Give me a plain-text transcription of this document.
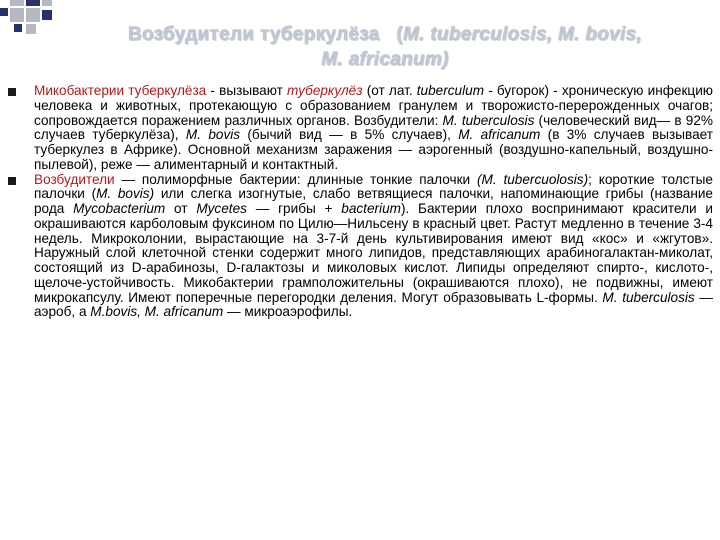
Возбудители туберкулёза (M. tuberculosis, M. bovis,
M. africanum)
Микобактерии туберкулёза - вызывают туберкулёз (от лат. tuberculum - бугорок) - хроническую инфекцию человека и животных, протекающую с образованием гранулем и творожисто-перерожденных очагов; сопровождается поражением различных органов. Возбудители: M. tuberculosis (человеческий вид— в 92% случаев туберкулёза), M. bovis (бычий вид — в 5% случаев), M. africanum (в 3% случаев вызывает туберкулез в Африке). Основной механизм заражения — аэрогенный (воздушно-капельный, воздушно-пылевой), реже — алиментарный и контактный.
Возбудители — полиморфные бактерии: длинные тонкие палочки (M. tubercuolosis); короткие толстые палочки (M. bovis) или слегка изогнутые, слабо ветвящиеся палочки, напоминающие грибы (название рода Mycobacterium от Mycetes — грибы + bacterium). Бактерии плохо воспринимают красители и окрашиваются карболовым фуксином по Цилю—Нильсену в красный цвет. Растут медленно в течение 3-4 недель. Микроколонии, вырастающие на 3-7-й день культивирования имеют вид «кос» и «жгутов». Наружный слой клеточной стенки содержит много липидов, представляющих арабиногалактан-миколат, состоящий из D-арабинозы, D-галактозы и миколовых кислот. Липиды определяют спирто-, кислото-, щелоче-устойчивость. Микобактерии грамположительны (окрашиваются плохо), не подвижны, имеют микрокапсулу. Имеют поперечные перегородки деления. Могут образовывать L-формы. M. tuberculosis — аэроб, а M.bovis, M. africanum — микроаэрофилы.
